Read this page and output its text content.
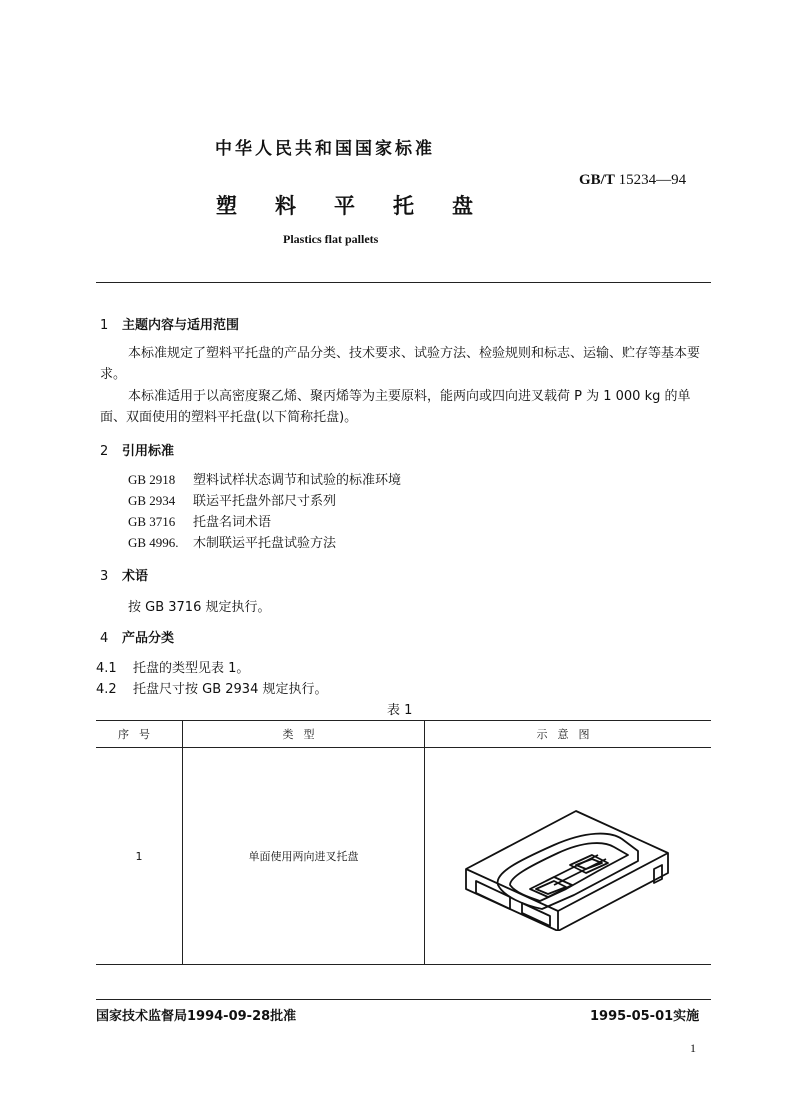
中华人民共和国国家标准
GB/T 15234—94
塑料平托盘
Plastics flat pallets
1 主题内容与适用范围
本标准规定了塑料平托盘的产品分类、技术要求、试验方法、检验规则和标志、运输、贮存等基本要求。
本标准适用于以高密度聚乙烯、聚丙烯等为主要原料，能两向或四向进叉载荷 P 为 1 000 kg 的单面、双面使用的塑料平托盘(以下简称托盘)。
2 引用标准
GB 2918 塑料试样状态调节和试验的标准环境
GB 2934 联运平托盘外部尺寸系列
GB 3716 托盘名词术语
GB 4996. 木制联运平托盘试验方法
3 术语
按 GB 3716 规定执行。
4 产品分类
4.1 托盘的类型见表 1。
4.2 托盘尺寸按 GB 2934 规定执行。
表 1
序号	类型	示意图
1	单面使用两向进叉托盘	
国家技术监督局1994-09-28批准	1995-05-01实施
1
